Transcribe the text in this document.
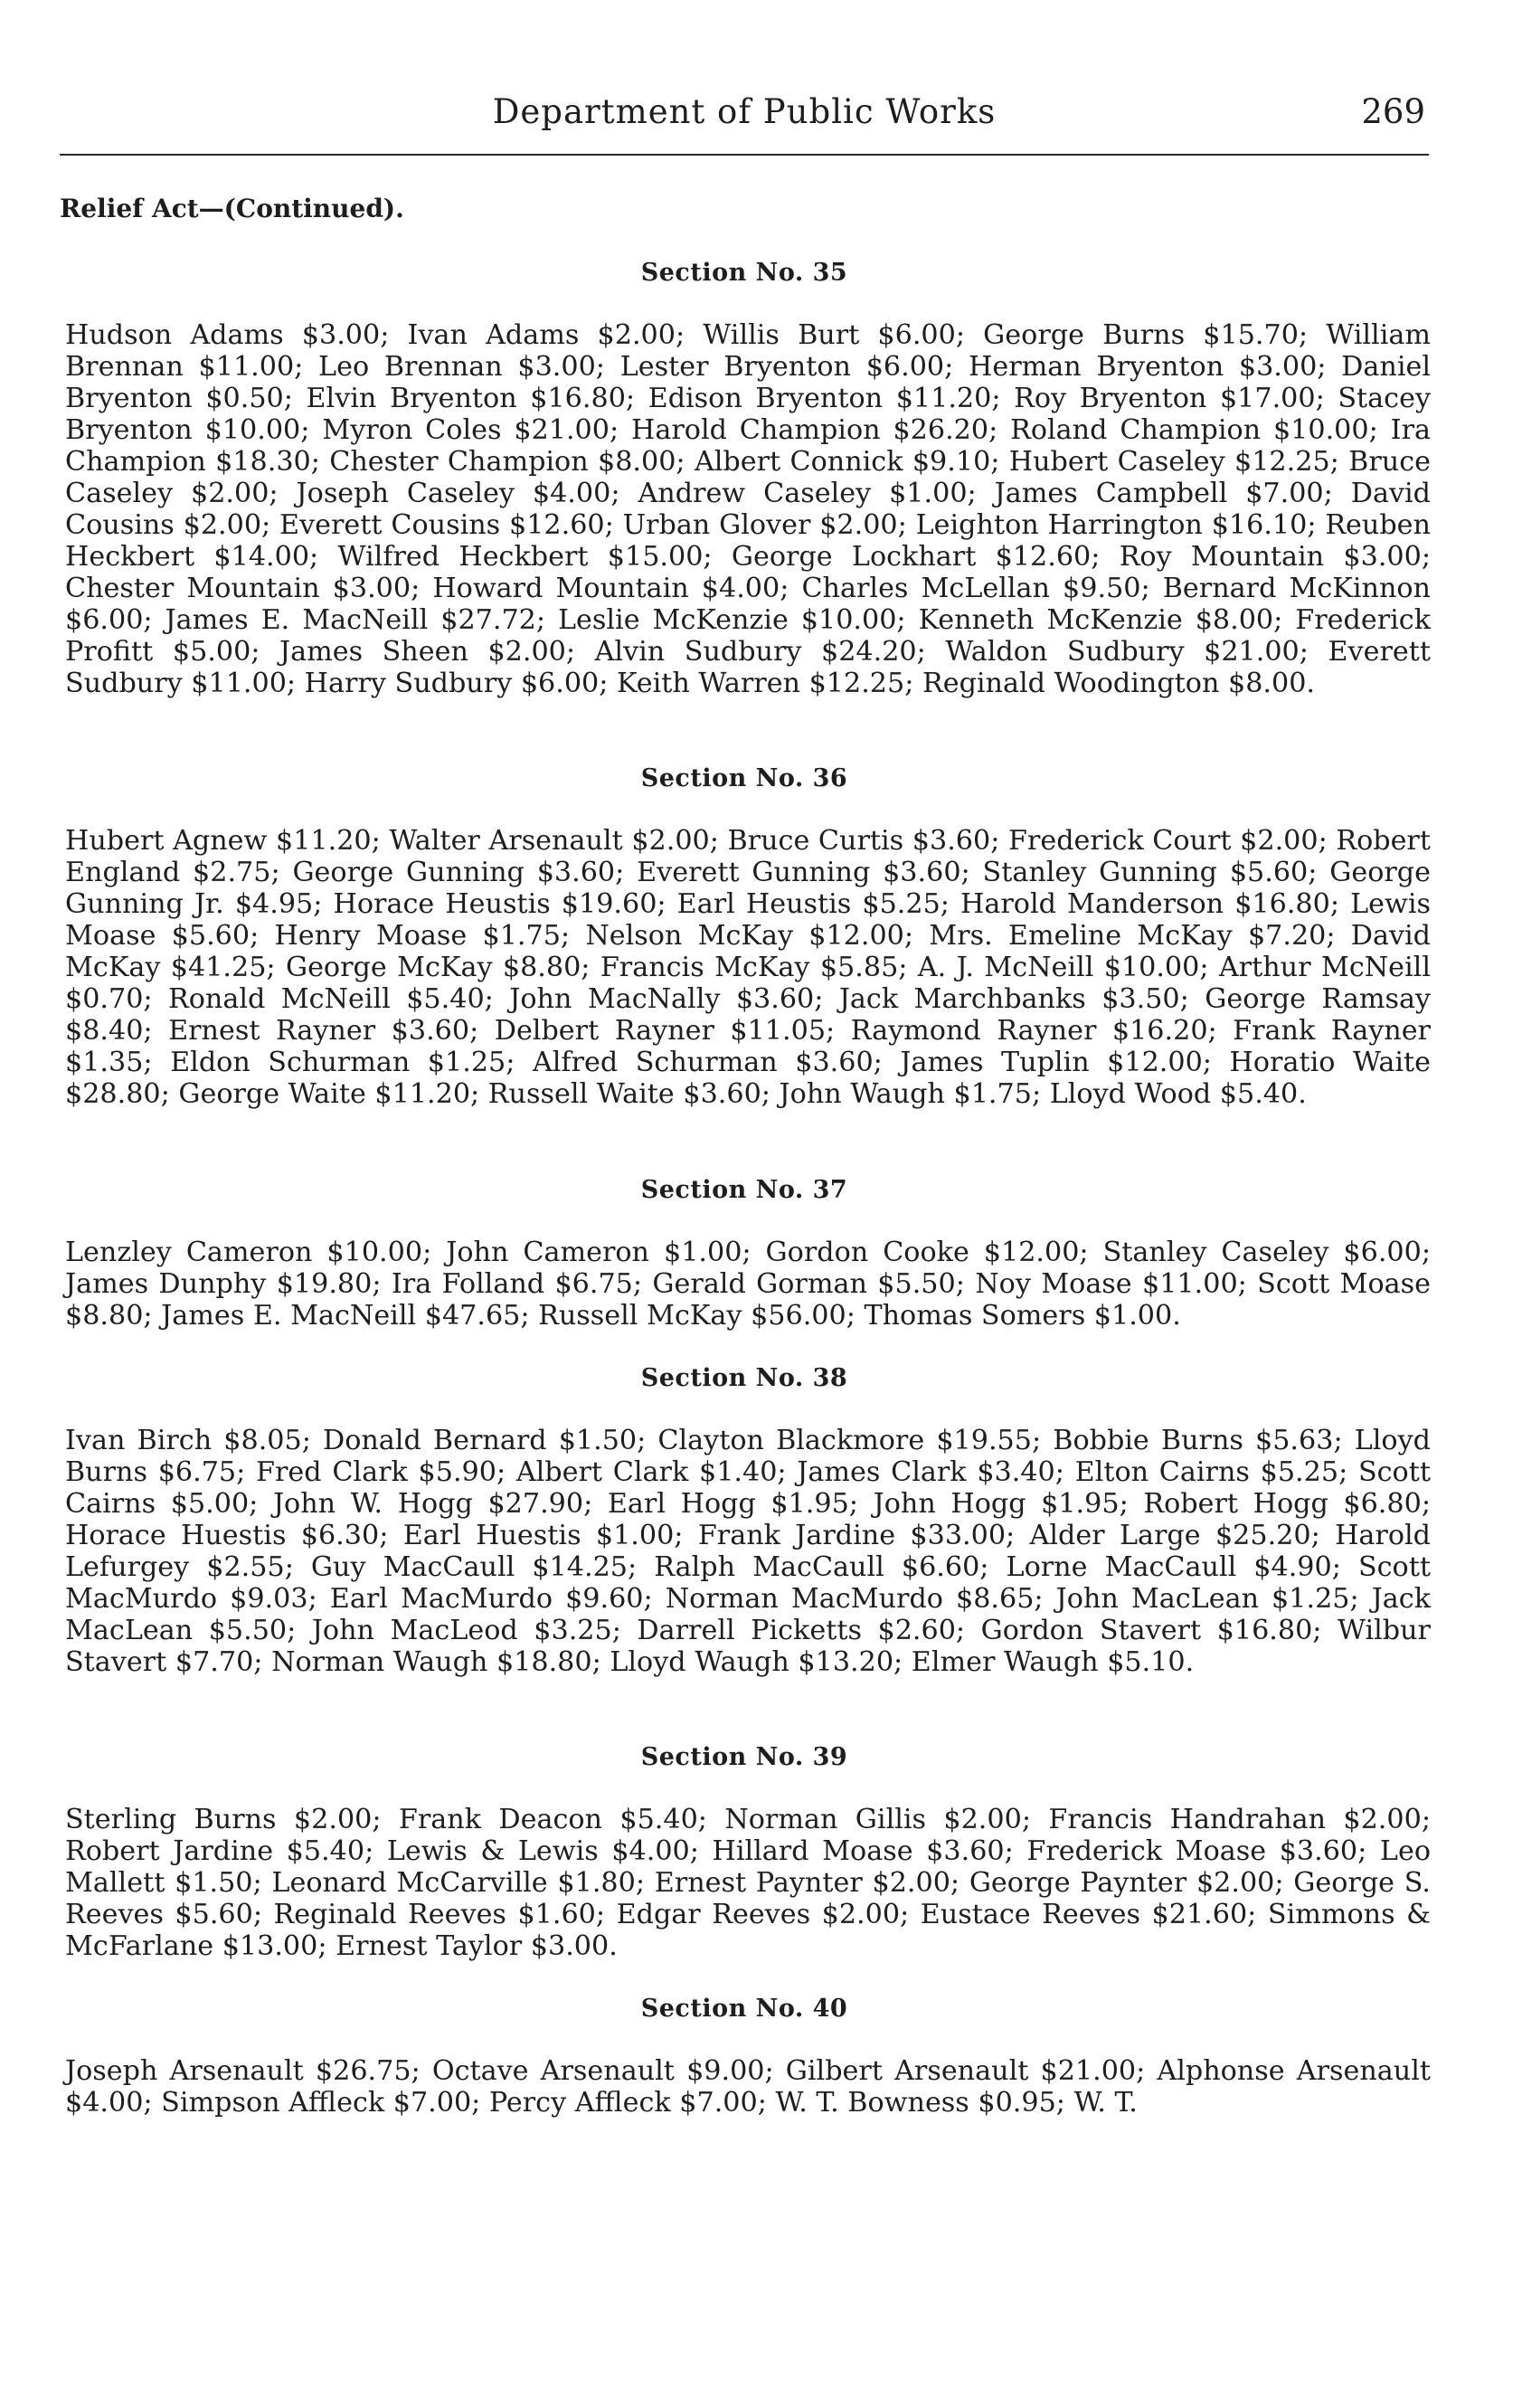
Department of Public Works	269
Relief Act—(Continued).
Section No. 35
Hudson Adams $3.00; Ivan Adams $2.00; Willis Burt $6.00; George Burns $15.70; William Brennan $11.00; Leo Brennan $3.00; Lester Bryenton $6.00; Herman Bryenton $3.00; Daniel Bryenton $0.50; Elvin Bryenton $16.80; Edison Bryenton $11.20; Roy Bryenton $17.00; Stacey Bryenton $10.00; Myron Coles $21.00; Harold Champion $26.20; Roland Champion $10.00; Ira Champion $18.30; Chester Champion $8.00; Albert Connick $9.10; Hubert Caseley $12.25; Bruce Caseley $2.00; Joseph Caseley $4.00; Andrew Caseley $1.00; James Campbell $7.00; David Cousins $2.00; Everett Cousins $12.60; Urban Glover $2.00; Leighton Harrington $16.10; Reuben Heckbert $14.00; Wilfred Heckbert $15.00; George Lockhart $12.60; Roy Mountain $3.00; Chester Mountain $3.00; Howard Mountain $4.00; Charles McLellan $9.50; Bernard McKinnon $6.00; James E. MacNeill $27.72; Leslie McKenzie $10.00; Kenneth McKenzie $8.00; Frederick Profitt $5.00; James Sheen $2.00; Alvin Sudbury $24.20; Waldon Sudbury $21.00; Everett Sudbury $11.00; Harry Sudbury $6.00; Keith Warren $12.25; Reginald Woodington $8.00.
Section No. 36
Hubert Agnew $11.20; Walter Arsenault $2.00; Bruce Curtis $3.60; Frederick Court $2.00; Robert England $2.75; George Gunning $3.60; Everett Gunning $3.60; Stanley Gunning $5.60; George Gunning Jr. $4.95; Horace Heustis $19.60; Earl Heustis $5.25; Harold Manderson $16.80; Lewis Moase $5.60; Henry Moase $1.75; Nelson McKay $12.00; Mrs. Emeline McKay $7.20; David McKay $41.25; George McKay $8.80; Francis McKay $5.85; A. J. McNeill $10.00; Arthur McNeill $0.70; Ronald McNeill $5.40; John MacNally $3.60; Jack Marchbanks $3.50; George Ramsay $8.40; Ernest Rayner $3.60; Delbert Rayner $11.05; Raymond Rayner $16.20; Frank Rayner $1.35; Eldon Schurman $1.25; Alfred Schurman $3.60; James Tuplin $12.00; Horatio Waite $28.80; George Waite $11.20; Russell Waite $3.60; John Waugh $1.75; Lloyd Wood $5.40.
Section No. 37
Lenzley Cameron $10.00; John Cameron $1.00; Gordon Cooke $12.00; Stanley Caseley $6.00; James Dunphy $19.80; Ira Folland $6.75; Gerald Gorman $5.50; Noy Moase $11.00; Scott Moase $8.80; James E. MacNeill $47.65; Russell McKay $56.00; Thomas Somers $1.00.
Section No. 38
Ivan Birch $8.05; Donald Bernard $1.50; Clayton Blackmore $19.55; Bobbie Burns $5.63; Lloyd Burns $6.75; Fred Clark $5.90; Albert Clark $1.40; James Clark $3.40; Elton Cairns $5.25; Scott Cairns $5.00; John W. Hogg $27.90; Earl Hogg $1.95; John Hogg $1.95; Robert Hogg $6.80; Horace Huestis $6.30; Earl Huestis $1.00; Frank Jardine $33.00; Alder Large $25.20; Harold Lefurgey $2.55; Guy MacCaull $14.25; Ralph MacCaull $6.60; Lorne MacCaull $4.90; Scott MacMurdo $9.03; Earl MacMurdo $9.60; Norman MacMurdo $8.65; John MacLean $1.25; Jack MacLean $5.50; John MacLeod $3.25; Darrell Picketts $2.60; Gordon Stavert $16.80; Wilbur Stavert $7.70; Norman Waugh $18.80; Lloyd Waugh $13.20; Elmer Waugh $5.10.
Section No. 39
Sterling Burns $2.00; Frank Deacon $5.40; Norman Gillis $2.00; Francis Handrahan $2.00; Robert Jardine $5.40; Lewis & Lewis $4.00; Hillard Moase $3.60; Frederick Moase $3.60; Leo Mallett $1.50; Leonard McCarville $1.80; Ernest Paynter $2.00; George Paynter $2.00; George S. Reeves $5.60; Reginald Reeves $1.60; Edgar Reeves $2.00; Eustace Reeves $21.60; Simmons & McFarlane $13.00; Ernest Taylor $3.00.
Section No. 40
Joseph Arsenault $26.75; Octave Arsenault $9.00; Gilbert Arsenault $21.00; Alphonse Arsenault $4.00; Simpson Affleck $7.00; Percy Affleck $7.00; W. T. Bowness $0.95; W. T.
